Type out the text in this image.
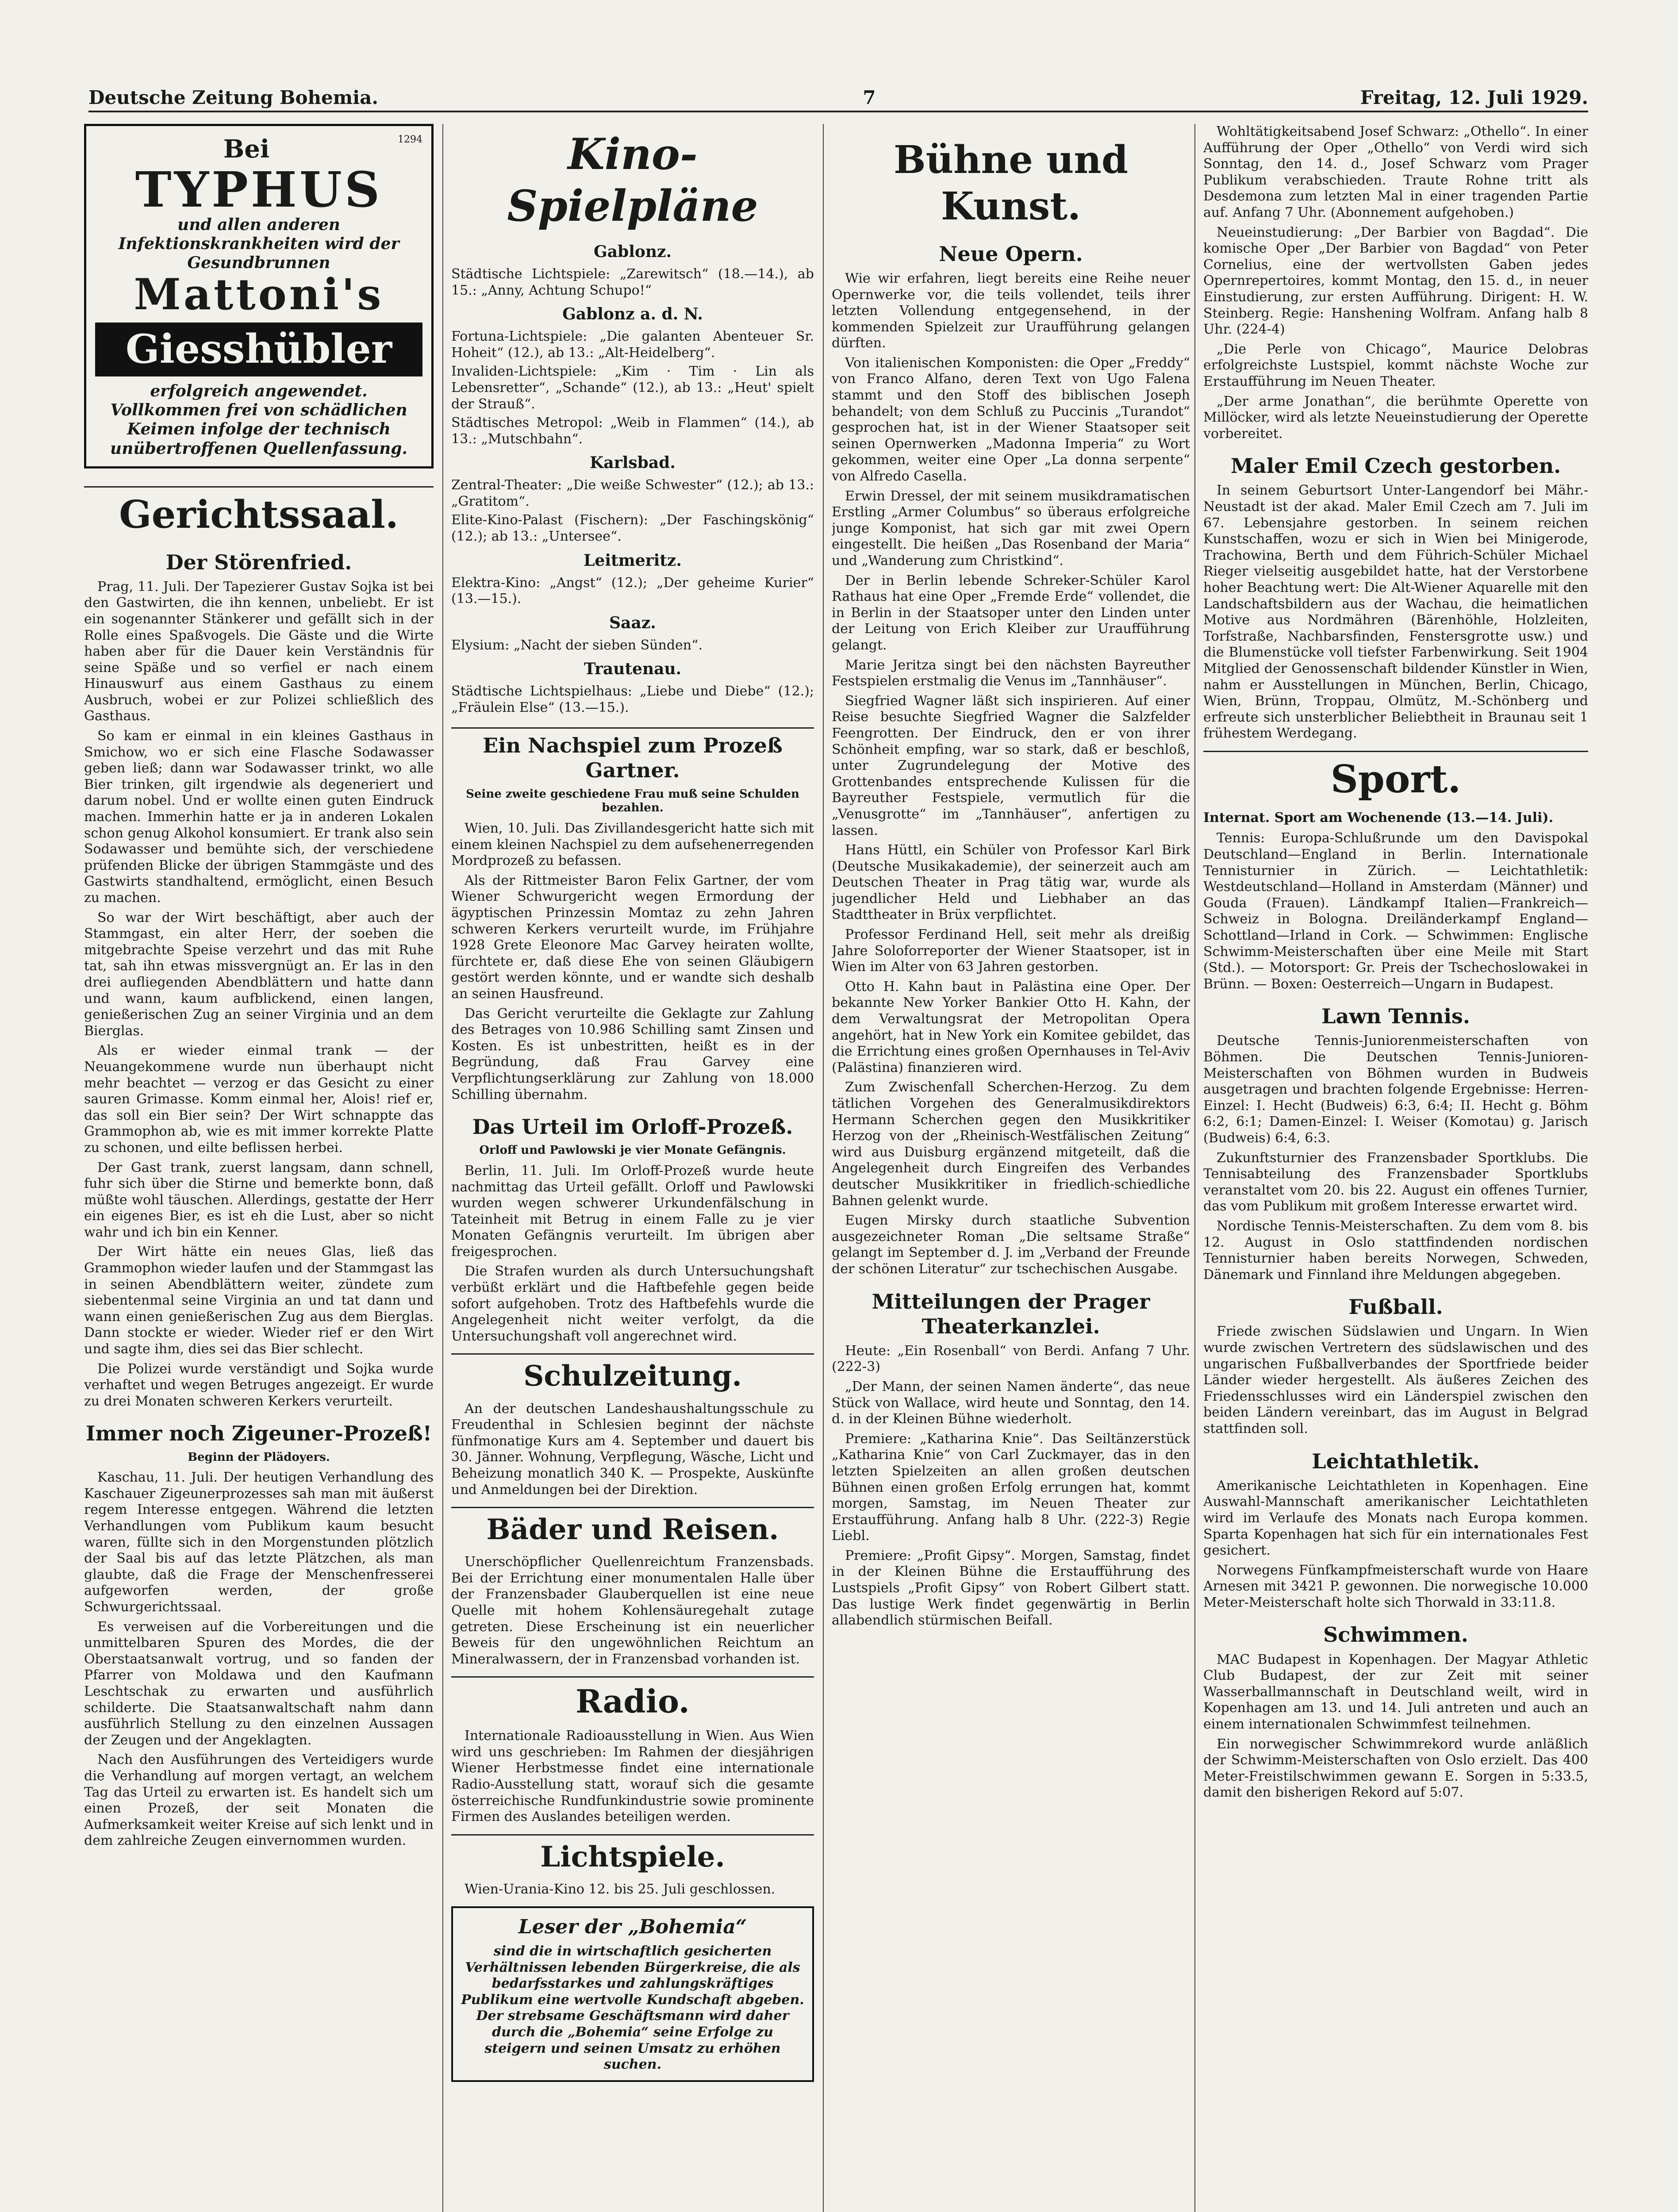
Deutsche Zeitung Bohemia.	7	Freitag, 12. Juli 1929.
1294
Bei
TYPHUS
und allen anderen Infektionskrankheiten wird der Gesundbrunnen
Mattoni's
Giesshübler
erfolgreich angewendet. Vollkommen frei von schädlichen Keimen infolge der technisch unübertroffenen Quellenfassung.
Gerichtssaal.
Der Störenfried.

Prag, 11. Juli. Der Tapezierer Gustav Sojka ist bei den Gastwirten, die ihn kennen, unbeliebt. Er ist ein sogenannter Stänkerer und gefällt sich in der Rolle eines Spaßvogels. Die Gäste und die Wirte haben aber für die Dauer kein Verständnis für seine Späße und so verfiel er nach einem Hinauswurf aus einem Gasthaus zu einem Ausbruch, wobei er zur Polizei schließlich des Gasthaus.

So kam er einmal in ein kleines Gasthaus in Smichow, wo er sich eine Flasche Sodawasser geben ließ; dann war Sodawasser trinkt, wo alle Bier trinken, gilt irgendwie als degeneriert und darum nobel. Und er wollte einen guten Eindruck machen. Immerhin hatte er ja in anderen Lokalen schon genug Alkohol konsumiert. Er trank also sein Sodawasser und bemühte sich, der verschiedene prüfenden Blicke der übrigen Stammgäste und des Gastwirts standhaltend, ermöglicht, einen Besuch zu machen.

So war der Wirt beschäftigt, aber auch der Stammgast, ein alter Herr, der soeben die mitgebrachte Speise verzehrt und das mit Ruhe tat, sah ihn etwas missvergnügt an. Er las in den drei aufliegenden Abendblättern und hatte dann und wann, kaum aufblickend, einen langen, genießerischen Zug an seiner Virginia und an dem Bierglas.

Als er wieder einmal trank — der Neuangekommene wurde nun überhaupt nicht mehr beachtet — verzog er das Gesicht zu einer sauren Grimasse. Komm einmal her, Alois! rief er, das soll ein Bier sein? Der Wirt schnappte das Grammophon ab, wie es mit immer korrekte Platte zu schonen, und eilte beflissen herbei.

Der Gast trank, zuerst langsam, dann schnell, fuhr sich über die Stirne und bemerkte bonn, daß müßte wohl täuschen. Allerdings, gestatte der Herr ein eigenes Bier, es ist eh die Lust, aber so nicht wahr und ich bin ein Kenner.

Der Wirt hätte ein neues Glas, ließ das Grammophon wieder laufen und der Stammgast las in seinen Abendblättern weiter, zündete zum siebentenmal seine Virginia an und tat dann und wann einen genießerischen Zug aus dem Bierglas. Dann stockte er wieder. Wieder rief er den Wirt und sagte ihm, dies sei das Bier schlecht.

Die Polizei wurde verständigt und Sojka wurde verhaftet und wegen Betruges angezeigt. Er wurde zu drei Monaten schweren Kerkers verurteilt.

Immer noch Zigeuner-Prozeß!
Beginn der Plädoyers.

Kaschau, 11. Juli. Der heutigen Verhandlung des Kaschauer Zigeunerprozesses sah man mit äußerst regem Interesse entgegen. Während die letzten Verhandlungen vom Publikum kaum besucht waren, füllte sich in den Morgenstunden plötzlich der Saal bis auf das letzte Plätzchen, als man glaubte, daß die Frage der Menschenfresserei aufgeworfen werden, der große Schwurgerichtssaal.

Es verweisen auf die Vorbereitungen und die unmittelbaren Spuren des Mordes, die der Oberstaatsanwalt vortrug, und so fanden der Pfarrer von Moldawa und den Kaufmann Leschtschak zu erwarten und ausführlich schilderte. Die Staatsanwaltschaft nahm dann ausführlich Stellung zu den einzelnen Aussagen der Zeugen und der Angeklagten.

Nach den Ausführungen des Verteidigers wurde die Verhandlung auf morgen vertagt, an welchem Tag das Urteil zu erwarten ist. Es handelt sich um einen Prozeß, der seit Monaten die Aufmerksamkeit weiter Kreise auf sich lenkt und in dem zahlreiche Zeugen einvernommen wurden.

Kino-Spielpläne
Gablonz.

Städtische Lichtspiele: „Zarewitsch“ (18.—14.), ab 15.: „Anny, Achtung Schupo!“

Gablonz a. d. N.

Fortuna-Lichtspiele: „Die galanten Abenteuer Sr. Hoheit“ (12.), ab 13.: „Alt-Heidelberg“.

Invaliden-Lichtspiele: „Kim · Tim · Lin als Lebensretter“, „Schande“ (12.), ab 13.: „Heut' spielt der Strauß“.

Städtisches Metropol: „Weib in Flammen“ (14.), ab 13.: „Mutschbahn“.

Karlsbad.

Zentral-Theater: „Die weiße Schwester“ (12.); ab 13.: „Gratitom“.

Elite-Kino-Palast (Fischern): „Der Faschingskönig“ (12.); ab 13.: „Untersee“.

Leitmeritz.

Elektra-Kino: „Angst“ (12.); „Der geheime Kurier“ (13.—15.).

Saaz.

Elysium: „Nacht der sieben Sünden“.

Trautenau.

Städtische Lichtspielhaus: „Liebe und Diebe“ (12.); „Fräulein Else“ (13.—15.).

Ein Nachspiel zum Prozeß Gartner.
Seine zweite geschiedene Frau muß seine Schulden bezahlen.

Wien, 10. Juli. Das Zivillandesgericht hatte sich mit einem kleinen Nachspiel zu dem aufsehenerregenden Mordprozeß zu befassen.

Als der Rittmeister Baron Felix Gartner, der vom Wiener Schwurgericht wegen Ermordung der ägyptischen Prinzessin Momtaz zu zehn Jahren schweren Kerkers verurteilt wurde, im Frühjahre 1928 Grete Eleonore Mac Garvey heiraten wollte, fürchtete er, daß diese Ehe von seinen Gläubigern gestört werden könnte, und er wandte sich deshalb an seinen Hausfreund.

Das Gericht verurteilte die Geklagte zur Zahlung des Betrages von 10.986 Schilling samt Zinsen und Kosten. Es ist unbestritten, heißt es in der Begründung, daß Frau Garvey eine Verpflichtungserklärung zur Zahlung von 18.000 Schilling übernahm.

Das Urteil im Orloff-Prozeß.
Orloff und Pawlowski je vier Monate Gefängnis.

Berlin, 11. Juli. Im Orloff-Prozeß wurde heute nachmittag das Urteil gefällt. Orloff und Pawlowski wurden wegen schwerer Urkundenfälschung in Tateinheit mit Betrug in einem Falle zu je vier Monaten Gefängnis verurteilt. Im übrigen aber freigesprochen.

Die Strafen wurden als durch Untersuchungshaft verbüßt erklärt und die Haftbefehle gegen beide sofort aufgehoben. Trotz des Haftbefehls wurde die Angelegenheit nicht weiter verfolgt, da die Untersuchungshaft voll angerechnet wird.

Schulzeitung.

An der deutschen Landeshaushaltungsschule zu Freudenthal in Schlesien beginnt der nächste fünfmonatige Kurs am 4. September und dauert bis 30. Jänner. Wohnung, Verpflegung, Wäsche, Licht und Beheizung monatlich 340 K. — Prospekte, Auskünfte und Anmeldungen bei der Direktion.

Bäder und Reisen.

Unerschöpflicher Quellenreichtum Franzensbads. Bei der Errichtung einer monumentalen Halle über der Franzensbader Glauberquellen ist eine neue Quelle mit hohem Kohlensäuregehalt zutage getreten. Diese Erscheinung ist ein neuerlicher Beweis für den ungewöhnlichen Reichtum an Mineralwassern, der in Franzensbad vorhanden ist.

Radio.

Internationale Radioausstellung in Wien. Aus Wien wird uns geschrieben: Im Rahmen der diesjährigen Wiener Herbstmesse findet eine internationale Radio-Ausstellung statt, worauf sich die gesamte österreichische Rundfunkindustrie sowie prominente Firmen des Auslandes beteiligen werden.

Lichtspiele.

Wien-Urania-Kino 12. bis 25. Juli geschlossen.

Leser der „Bohemia“
sind die in wirtschaftlich gesicherten Verhältnissen lebenden Bürgerkreise, die als bedarfsstarkes und zahlungskräftiges Publikum eine wertvolle Kundschaft abgeben. Der strebsame Geschäftsmann wird daher durch die „Bohemia“ seine Erfolge zu steigern und seinen Umsatz zu erhöhen suchen.
Bühne und Kunst.
Neue Opern.

Wie wir erfahren, liegt bereits eine Reihe neuer Opernwerke vor, die teils vollendet, teils ihrer letzten Vollendung entgegensehend, in der kommenden Spielzeit zur Uraufführung gelangen dürften.

Von italienischen Komponisten: die Oper „Freddy“ von Franco Alfano, deren Text von Ugo Falena stammt und den Stoff des biblischen Joseph behandelt; von dem Schluß zu Puccinis „Turandot“ gesprochen hat, ist in der Wiener Staatsoper seit seinen Opernwerken „Madonna Imperia“ zu Wort gekommen, weiter eine Oper „La donna serpente“ von Alfredo Casella.

Erwin Dressel, der mit seinem musikdramatischen Erstling „Armer Columbus“ so überaus erfolgreiche junge Komponist, hat sich gar mit zwei Opern eingestellt. Die heißen „Das Rosenband der Maria“ und „Wanderung zum Christkind“.

Der in Berlin lebende Schreker-Schüler Karol Rathaus hat eine Oper „Fremde Erde“ vollendet, die in Berlin in der Staatsoper unter den Linden unter der Leitung von Erich Kleiber zur Uraufführung gelangt.

Marie Jeritza singt bei den nächsten Bayreuther Festspielen erstmalig die Venus im „Tannhäuser“.

Siegfried Wagner läßt sich inspirieren. Auf einer Reise besuchte Siegfried Wagner die Salzfelder Feengrotten. Der Eindruck, den er von ihrer Schönheit empfing, war so stark, daß er beschloß, unter Zugrundelegung der Motive des Grottenbandes entsprechende Kulissen für die Bayreuther Festspiele, vermutlich für die „Venusgrotte“ im „Tannhäuser“, anfertigen zu lassen.

Hans Hüttl, ein Schüler von Professor Karl Birk (Deutsche Musikakademie), der seinerzeit auch am Deutschen Theater in Prag tätig war, wurde als jugendlicher Held und Liebhaber an das Stadttheater in Brüx verpflichtet.

Professor Ferdinand Hell, seit mehr als dreißig Jahre Soloforreporter der Wiener Staatsoper, ist in Wien im Alter von 63 Jahren gestorben.

Otto H. Kahn baut in Palästina eine Oper. Der bekannte New Yorker Bankier Otto H. Kahn, der dem Verwaltungsrat der Metropolitan Opera angehört, hat in New York ein Komitee gebildet, das die Errichtung eines großen Opernhauses in Tel-Aviv (Palästina) finanzieren wird.

Zum Zwischenfall Scherchen-Herzog. Zu dem tätlichen Vorgehen des Generalmusikdirektors Hermann Scherchen gegen den Musikkritiker Herzog von der „Rheinisch-Westfälischen Zeitung“ wird aus Duisburg ergänzend mitgeteilt, daß die Angelegenheit durch Eingreifen des Verbandes deutscher Musikkritiker in friedlich-schiedliche Bahnen gelenkt wurde.

Eugen Mirsky durch staatliche Subvention ausgezeichneter Roman „Die seltsame Straße“ gelangt im September d. J. im „Verband der Freunde der schönen Literatur“ zur tschechischen Ausgabe.

Mitteilungen der Prager Theaterkanzlei.

Heute: „Ein Rosenball“ von Berdi. Anfang 7 Uhr. (222-3)

„Der Mann, der seinen Namen änderte“, das neue Stück von Wallace, wird heute und Sonntag, den 14. d. in der Kleinen Bühne wiederholt.

Premiere: „Katharina Knie“. Das Seiltänzerstück „Katharina Knie“ von Carl Zuckmayer, das in den letzten Spielzeiten an allen großen deutschen Bühnen einen großen Erfolg errungen hat, kommt morgen, Samstag, im Neuen Theater zur Erstaufführung. Anfang halb 8 Uhr. (222-3) Regie Liebl.

Premiere: „Profit Gipsy“. Morgen, Samstag, findet in der Kleinen Bühne die Erstaufführung des Lustspiels „Profit Gipsy“ von Robert Gilbert statt. Das lustige Werk findet gegenwärtig in Berlin allabendlich stürmischen Beifall.

Wohltätigkeitsabend Josef Schwarz: „Othello“. In einer Aufführung der Oper „Othello“ von Verdi wird sich Sonntag, den 14. d., Josef Schwarz vom Prager Publikum verabschieden. Traute Rohne tritt als Desdemona zum letzten Mal in einer tragenden Partie auf. Anfang 7 Uhr. (Abonnement aufgehoben.)

Neueinstudierung: „Der Barbier von Bagdad“. Die komische Oper „Der Barbier von Bagdad“ von Peter Cornelius, eine der wertvollsten Gaben jedes Opernrepertoires, kommt Montag, den 15. d., in neuer Einstudierung, zur ersten Aufführung. Dirigent: H. W. Steinberg. Regie: Hanshening Wolfram. Anfang halb 8 Uhr. (224-4)

„Die Perle von Chicago“, Maurice Delobras erfolgreichste Lustspiel, kommt nächste Woche zur Erstaufführung im Neuen Theater.

„Der arme Jonathan“, die berühmte Operette von Millöcker, wird als letzte Neueinstudierung der Operette vorbereitet.

Maler Emil Czech gestorben.

In seinem Geburtsort Unter-Langendorf bei Mähr.-Neustadt ist der akad. Maler Emil Czech am 7. Juli im 67. Lebensjahre gestorben. In seinem reichen Kunstschaffen, wozu er sich in Wien bei Minigerode, Trachowina, Berth und dem Führich-Schüler Michael Rieger vielseitig ausgebildet hatte, hat der Verstorbene hoher Beachtung wert: Die Alt-Wiener Aquarelle mit den Landschaftsbildern aus der Wachau, die heimatlichen Motive aus Nordmähren (Bärenhöhle, Holzleiten, Torfstraße, Nachbarsfinden, Fenstersgrotte usw.) und die Blumenstücke voll tiefster Farbenwirkung. Seit 1904 Mitglied der Genossenschaft bildender Künstler in Wien, nahm er Ausstellungen in München, Berlin, Chicago, Wien, Brünn, Troppau, Olmütz, M.-Schönberg und erfreute sich unsterblicher Beliebtheit in Braunau seit 1 frühestem Werdegang.

Sport.

Internat. Sport am Wochenende (13.—14. Juli).

Tennis: Europa-Schlußrunde um den Davispokal Deutschland—England in Berlin. Internationale Tennisturnier in Zürich. — Leichtathletik: Westdeutschland—Holland in Amsterdam (Männer) und Gouda (Frauen). Ländkampf Italien—Frankreich—Schweiz in Bologna. Dreiländerkampf England—Schottland—Irland in Cork. — Schwimmen: Englische Schwimm-Meisterschaften über eine Meile mit Start (Std.). — Motorsport: Gr. Preis der Tschechoslowakei in Brünn. — Boxen: Oesterreich—Ungarn in Budapest.

Lawn Tennis.

Deutsche Tennis-Juniorenmeisterschaften von Böhmen. Die Deutschen Tennis-Junioren-Meisterschaften von Böhmen wurden in Budweis ausgetragen und brachten folgende Ergebnisse: Herren-Einzel: I. Hecht (Budweis) 6:3, 6:4; II. Hecht g. Böhm 6:2, 6:1; Damen-Einzel: I. Weiser (Komotau) g. Jarisch (Budweis) 6:4, 6:3.

Zukunftsturnier des Franzensbader Sportklubs. Die Tennisabteilung des Franzensbader Sportklubs veranstaltet vom 20. bis 22. August ein offenes Turnier, das vom Publikum mit großem Interesse erwartet wird.

Nordische Tennis-Meisterschaften. Zu dem vom 8. bis 12. August in Oslo stattfindenden nordischen Tennisturnier haben bereits Norwegen, Schweden, Dänemark und Finnland ihre Meldungen abgegeben.

Fußball.

Friede zwischen Südslawien und Ungarn. In Wien wurde zwischen Vertretern des südslawischen und des ungarischen Fußballverbandes der Sportfriede beider Länder wieder hergestellt. Als äußeres Zeichen des Friedensschlusses wird ein Länderspiel zwischen den beiden Ländern vereinbart, das im August in Belgrad stattfinden soll.

Leichtathletik.

Amerikanische Leichtathleten in Kopenhagen. Eine Auswahl-Mannschaft amerikanischer Leichtathleten wird im Verlaufe des Monats nach Europa kommen. Sparta Kopenhagen hat sich für ein internationales Fest gesichert.

Norwegens Fünfkampfmeisterschaft wurde von Haare Arnesen mit 3421 P. gewonnen. Die norwegische 10.000 Meter-Meisterschaft holte sich Thorwald in 33:11.8.

Schwimmen.

MAC Budapest in Kopenhagen. Der Magyar Athletic Club Budapest, der zur Zeit mit seiner Wasserballmannschaft in Deutschland weilt, wird in Kopenhagen am 13. und 14. Juli antreten und auch an einem internationalen Schwimmfest teilnehmen.

Ein norwegischer Schwimmrekord wurde anläßlich der Schwimm-Meisterschaften von Oslo erzielt. Das 400 Meter-Freistilschwimmen gewann E. Sorgen in 5:33.5, damit den bisherigen Rekord auf 5:07.
